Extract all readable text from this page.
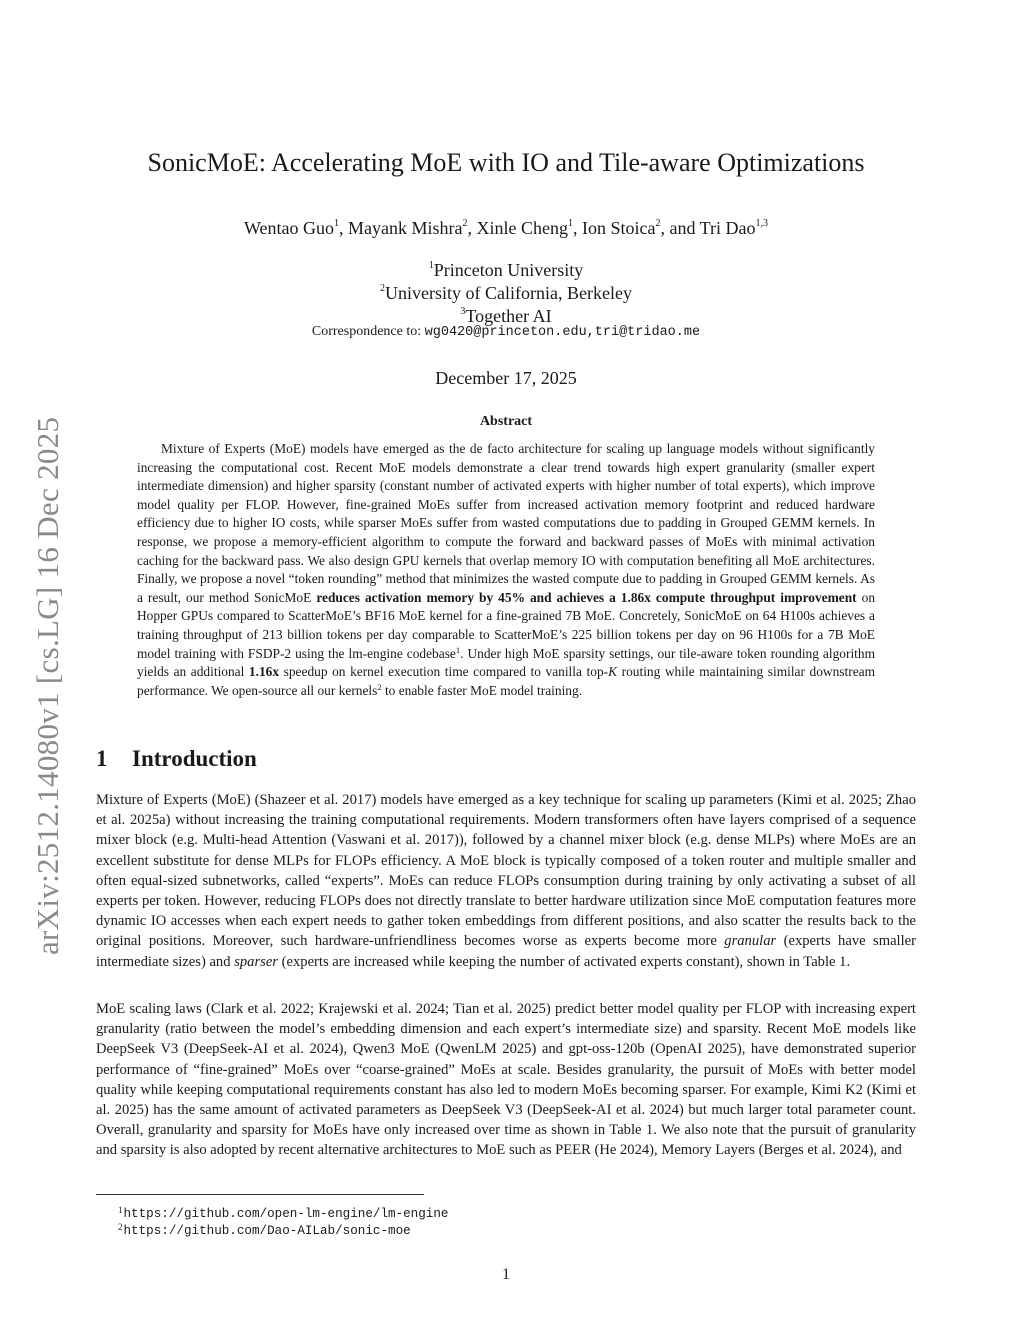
arXiv:2512.14080v1 [cs.LG] 16 Dec 2025
SonicMoE: Accelerating MoE with IO and Tile-aware Optimizations
Wentao Guo$^1$, Mayank Mishra$^2$, Xinle Cheng$^1$, Ion Stoica$^2$, and Tri Dao$^{1,3}$
$^1$Princeton University
$^2$University of California, Berkeley
$^3$Together AI
Correspondence to: wg0420@princeton.edu,tri@tridao.me
December 17, 2025
Abstract

Mixture of Experts (MoE) models have emerged as the de facto architecture for scaling up language models without significantly increasing the computational cost. Recent MoE models demonstrate a clear trend towards high expert granularity (smaller expert intermediate dimension) and higher sparsity (constant number of activated experts with higher number of total experts), which improve model quality per FLOP. However, fine-grained MoEs suffer from increased activation memory footprint and reduced hardware efficiency due to higher IO costs, while sparser MoEs suffer from wasted computations due to padding in Grouped GEMM kernels. In response, we propose a memory-efficient algorithm to compute the forward and backward passes of MoEs with minimal activation caching for the backward pass. We also design GPU kernels that overlap memory IO with computation benefiting all MoE architectures. Finally, we propose a novel “token rounding” method that minimizes the wasted compute due to padding in Grouped GEMM kernels. As a result, our method SonicMoE reduces activation memory by 45% and achieves a 1.86x compute throughput improvement on Hopper GPUs compared to ScatterMoE’s BF16 MoE kernel for a fine-grained 7B MoE. Concretely, SonicMoE on 64 H100s achieves a training throughput of 213 billion tokens per day comparable to ScatterMoE’s 225 billion tokens per day on 96 H100s for a 7B MoE model training with FSDP-2 using the lm-engine codebase$^1$. Under high MoE sparsity settings, our tile-aware token rounding algorithm yields an additional 1.16x speedup on kernel execution time compared to vanilla top-K routing while maintaining similar downstream performance. We open-source all our kernels$^2$ to enable faster MoE model training.

1 Introduction

Mixture of Experts (MoE) (Shazeer et al. 2017) models have emerged as a key technique for scaling up parameters (Kimi et al. 2025; Zhao et al. 2025a) without increasing the training computational requirements. Modern transformers often have layers comprised of a sequence mixer block (e.g. Multi-head Attention (Vaswani et al. 2017)), followed by a channel mixer block (e.g. dense MLPs) where MoEs are an excellent substitute for dense MLPs for FLOPs efficiency. A MoE block is typically composed of a token router and multiple smaller and often equal-sized subnetworks, called “experts”. MoEs can reduce FLOPs consumption during training by only activating a subset of all experts per token. However, reducing FLOPs does not directly translate to better hardware utilization since MoE computation features more dynamic IO accesses when each expert needs to gather token embeddings from different positions, and also scatter the results back to the original positions. Moreover, such hardware-unfriendliness becomes worse as experts become more granular (experts have smaller intermediate sizes) and sparser (experts are increased while keeping the number of activated experts constant), shown in Table 1.

MoE scaling laws (Clark et al. 2022; Krajewski et al. 2024; Tian et al. 2025) predict better model quality per FLOP with increasing expert granularity (ratio between the model’s embedding dimension and each expert’s intermediate size) and sparsity. Recent MoE models like DeepSeek V3 (DeepSeek-AI et al. 2024), Qwen3 MoE (QwenLM 2025) and gpt-oss-120b (OpenAI 2025), have demonstrated superior performance of “fine-grained” MoEs over “coarse-grained” MoEs at scale. Besides granularity, the pursuit of MoEs with better model quality while keeping computational requirements constant has also led to modern MoEs becoming sparser. For example, Kimi K2 (Kimi et al. 2025) has the same amount of activated parameters as DeepSeek V3 (DeepSeek-AI et al. 2024) but much larger total parameter count. Overall, granularity and sparsity for MoEs have only increased over time as shown in Table 1. We also note that the pursuit of granularity and sparsity is also adopted by recent alternative architectures to MoE such as PEER (He 2024), Memory Layers (Berges et al. 2024), and

$^1$https://github.com/open-lm-engine/lm-engine
$^2$https://github.com/Dao-AILab/sonic-moe
1
